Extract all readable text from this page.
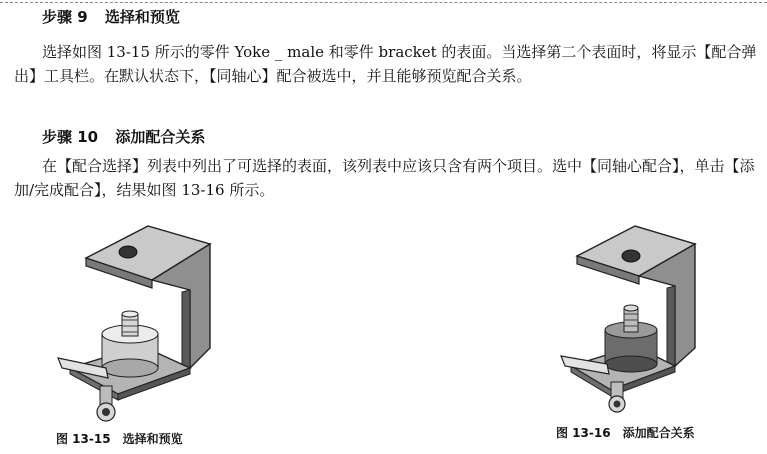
步骤 9 选择和预览

选择如图 13-15 所示的零件 Yoke _ male 和零件 bracket 的表面。当选择第二个表面时，将显示【配合弹出】工具栏。在默认状态下，【同轴心】配合被选中，并且能够预览配合关系。

步骤 10 添加配合关系

在【配合选择】列表中列出了可选择的表面，该列表中应该只含有两个项目。选中【同轴心配合】，单击【添加/完成配合】，结果如图 13-16 所示。

图 13-15 选择和预览	图 13-16 添加配合关系
